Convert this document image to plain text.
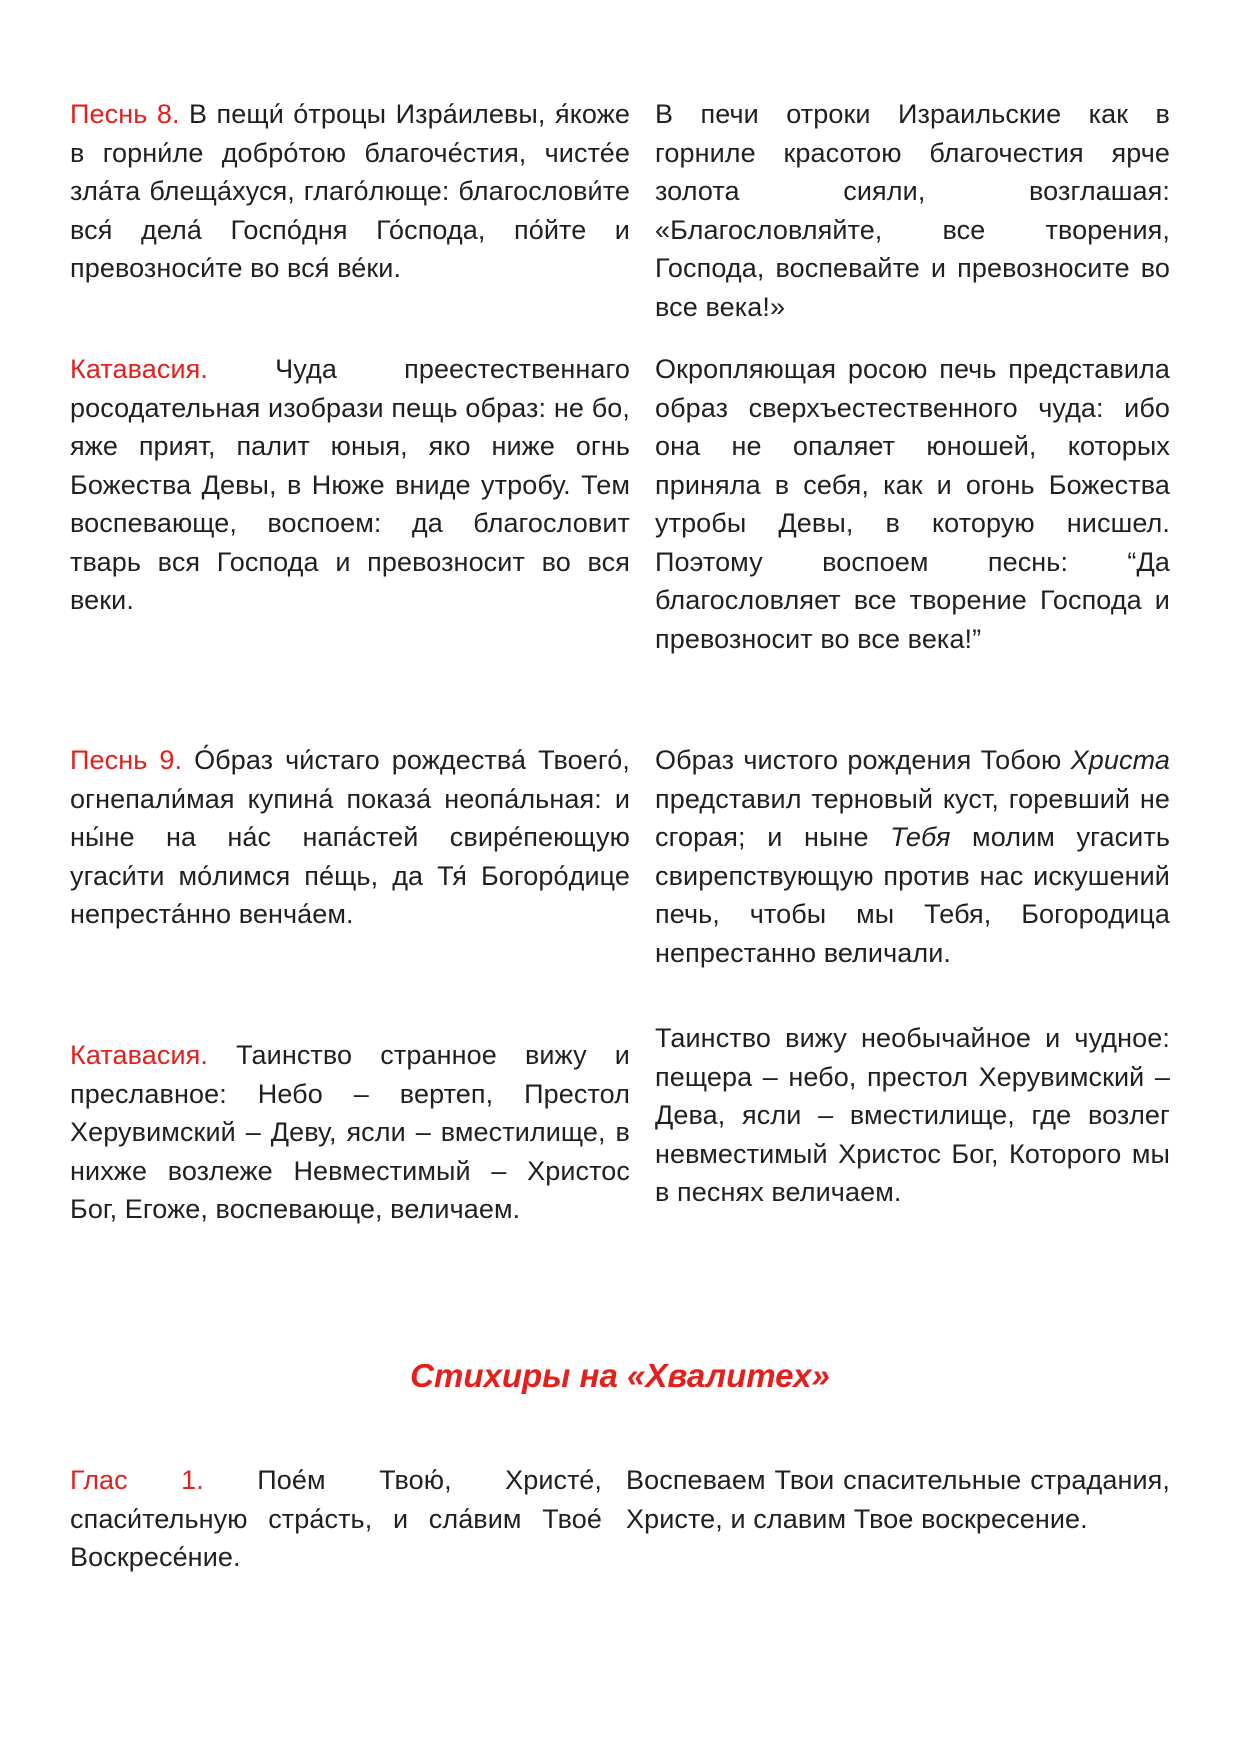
Песнь 8. В пещи́ о́троцы Изра́илевы, я́коже в горни́ле добро́тою благоче́стия, чисте́е зла́та блеща́хуся, глаго́люще: благослови́те вся́ дела́ Госпо́дня Го́спода, по́йте и превозноси́те во вся́ ве́ки.
В печи отроки Израильские как в горниле красотою благочестия ярче золота сияли, возглашая: «Благословляйте, все творения, Господа, воспевайте и превозносите во все века!»
Катавасия. Чуда преестественнаго росодательная изобрази пещь образ: не бо, яже прият, палит юныя, яко ниже огнь Божества Девы, в Нюже вниде утробу. Тем воспевающе, воспоем: да благословит тварь вся Господа и превозносит во вся веки.
Окропляющая росою печь представила образ сверхъестественного чуда: ибо она не опаляет юношей, которых приняла в себя, как и огонь Божества утробы Девы, в которую нисшел. Поэтому воспоем песнь: “Да благословляет все творение Господа и превозносит во все века!”
Песнь 9. О́браз чи́стаго рождества́ Твоего́, огнепали́мая купина́ показа́ неопа́льная: и ны́не на на́с напа́стей свире́пеющую угаси́ти мо́лимся пе́щь, да Тя́ Богоро́дице непреста́нно венча́ем.
Образ чистого рождения Тобою Христа представил терновый куст, горевший не сгорая; и ныне Тебя молим угасить свирепствующую против нас искушений печь, чтобы мы Тебя, Богородица непрестанно величали.
Катавасия. Таинство странное вижу и преславное: Небо – вертеп, Престол Херувимский – Деву, ясли – вместилище, в нихже возлеже Невместимый – Христос Бог, Егоже, воспевающе, величаем.
Таинство вижу необычайное и чудное: пещера – небо, престол Херувимский – Дева, ясли – вместилище, где возлег невместимый Христос Бог, Которого мы в песнях величаем.
Стихиры на «Хвалитех»
Глас 1. Пое́м Твою́, Христе́, спаси́тельную стра́сть, и сла́вим Твое́ Воскресе́ние.
Воспеваем Твои спасительные страдания, Христе, и славим Твое воскресение.
